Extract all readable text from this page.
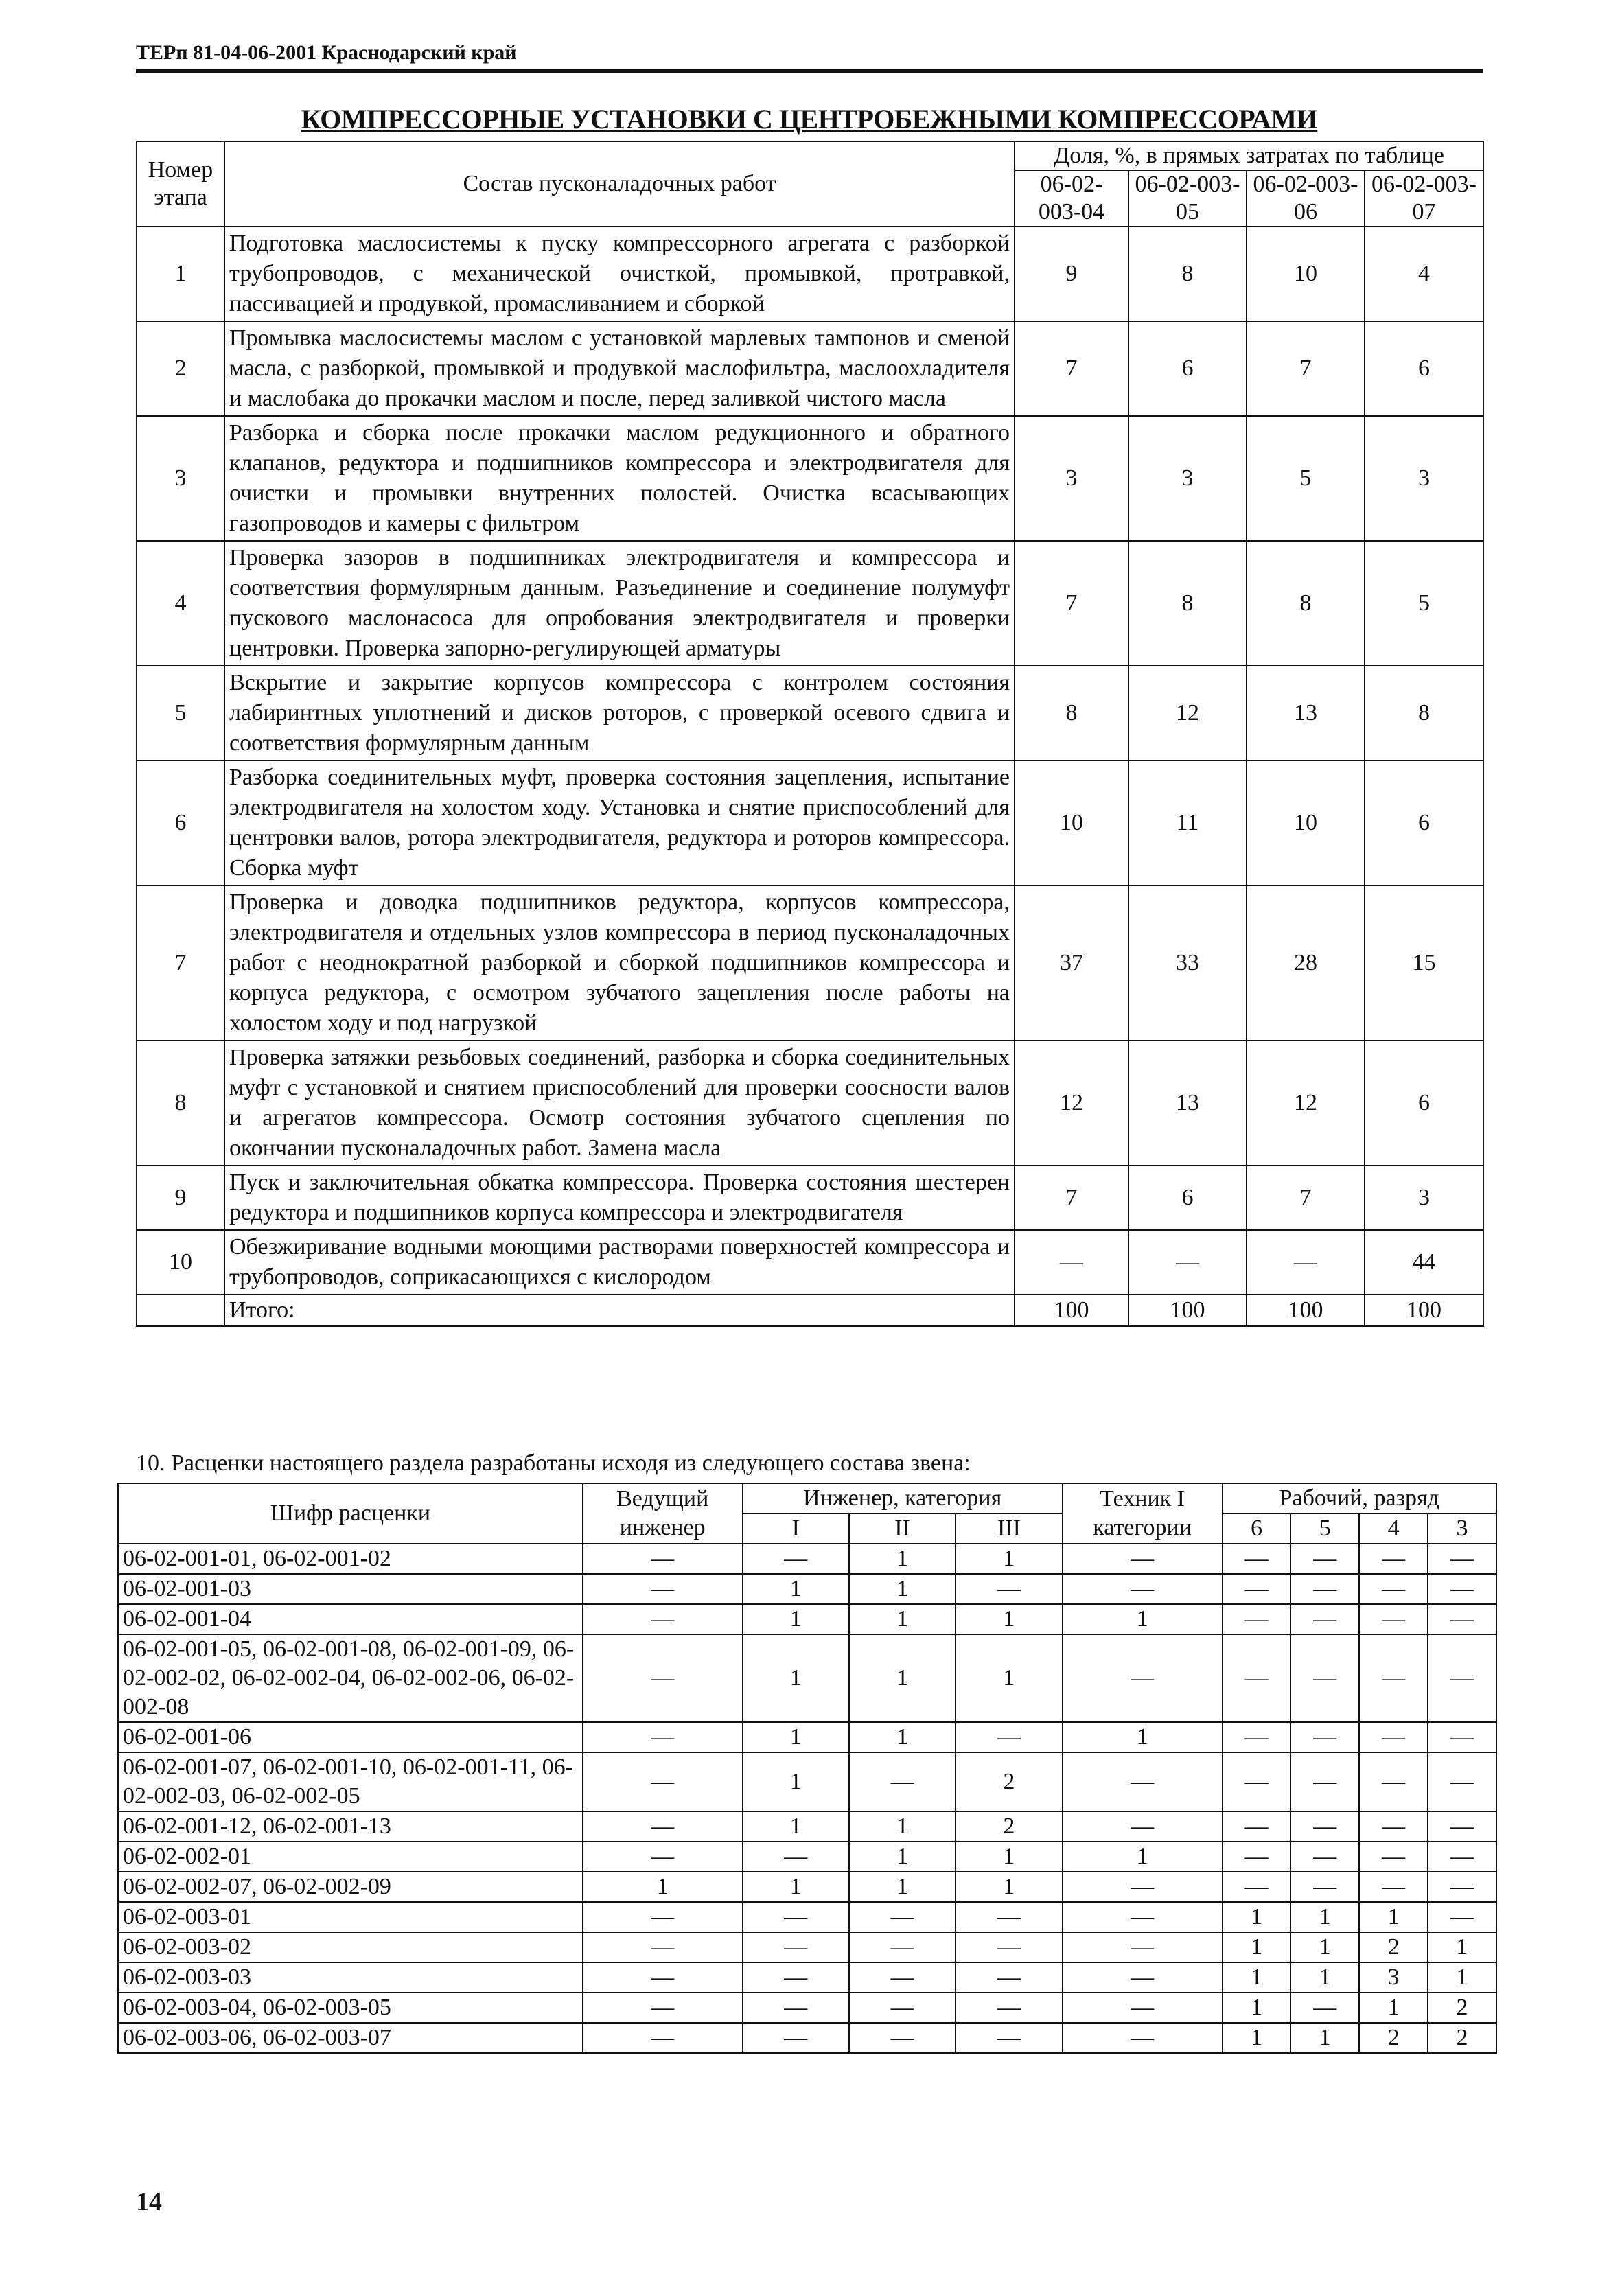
ТЕРп 81-04-06-2001 Краснодарский край
КОМПРЕССОРНЫЕ УСТАНОВКИ С ЦЕНТРОБЕЖНЫМИ КОМПРЕССОРАМИ
Номер этапа	Состав пусконаладочных работ	Доля, %, в прямых затратах по таблице			
		06-02-003-04	06-02-003-05	06-02-003-06	06-02-003-07
1	Подготовка маслосистемы к пуску компрессорного агрегата с разборкой трубопроводов, с механической очисткой, промывкой, протравкой, пассивацией и продувкой, промасливанием и сборкой	9	8	10	4
2	Промывка маслосистемы маслом с установкой марлевых тампонов и сменой масла, с разборкой, промывкой и продувкой маслофильтра, маслоохладителя и маслобака до прокачки маслом и после, перед заливкой чистого масла	7	6	7	6
3	Разборка и сборка после прокачки маслом редукционного и обратного клапанов, редуктора и подшипников компрессора и электродвигателя для очистки и промывки внутренних полостей. Очистка всасывающих газопроводов и камеры с фильтром	3	3	5	3
4	Проверка зазоров в подшипниках электродвигателя и компрессора и соответствия формулярным данным. Разъединение и соединение полумуфт пускового маслонасоса для опробования электродвигателя и проверки центровки. Проверка запорно-регулирующей арматуры	7	8	8	5
5	Вскрытие и закрытие корпусов компрессора с контролем состояния лабиринтных уплотнений и дисков роторов, с проверкой осевого сдвига и соответствия формулярным данным	8	12	13	8
6	Разборка соединительных муфт, проверка состояния зацепления, испытание электродвигателя на холостом ходу. Установка и снятие приспособлений для центровки валов, ротора электродвигателя, редуктора и роторов компрессора. Сборка муфт	10	11	10	6
7	Проверка и доводка подшипников редуктора, корпусов компрессора, электродвигателя и отдельных узлов компрессора в период пусконаладочных работ с неоднократной разборкой и сборкой подшипников компрессора и корпуса редуктора, с осмотром зубчатого зацепления после работы на холостом ходу и под нагрузкой	37	33	28	15
8	Проверка затяжки резьбовых соединений, разборка и сборка соединительных муфт с установкой и снятием приспособлений для проверки соосности валов и агрегатов компрессора. Осмотр состояния зубчатого сцепления по окончании пусконаладочных работ. Замена масла	12	13	12	6
9	Пуск и заключительная обкатка компрессора. Проверка состояния шестерен редуктора и подшипников корпуса компрессора и электродвигателя	7	6	7	3
10	Обезжиривание водными моющими растворами поверхностей компрессора и трубопроводов, соприкасающихся с кислородом	—	—	—	44
	Итого:	100	100	100	100
10. Расценки настоящего раздела разработаны исходя из следующего состава звена:
Шифр расценки	Ведущий инженер	Инженер, категория			Техник I категории	Рабочий, разряд			
		I	II	III		6	5	4	3
06-02-001-01, 06-02-001-02	—	—	1	1	—	—	—	—	—
06-02-001-03	—	1	1	—	—	—	—	—	—
06-02-001-04	—	1	1	1	1	—	—	—	—
06-02-001-05, 06-02-001-08, 06-02-001-09, 06-02-002-02, 06-02-002-04, 06-02-002-06, 06-02-002-08	—	1	1	1	—	—	—	—	—
06-02-001-06	—	1	1	—	1	—	—	—	—
06-02-001-07, 06-02-001-10, 06-02-001-11, 06-02-002-03, 06-02-002-05	—	1	—	2	—	—	—	—	—
06-02-001-12, 06-02-001-13	—	1	1	2	—	—	—	—	—
06-02-002-01	—	—	1	1	1	—	—	—	—
06-02-002-07, 06-02-002-09	1	1	1	1	—	—	—	—	—
06-02-003-01	—	—	—	—	—	1	1	1	—
06-02-003-02	—	—	—	—	—	1	1	2	1
06-02-003-03	—	—	—	—	—	1	1	3	1
06-02-003-04, 06-02-003-05	—	—	—	—	—	1	—	1	2
06-02-003-06, 06-02-003-07	—	—	—	—	—	1	1	2	2
14
